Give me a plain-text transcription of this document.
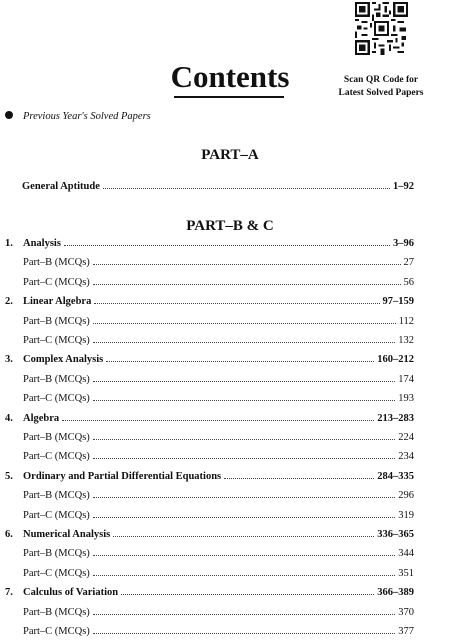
Scan QR Code for
Latest Solved Papers
Contents
Previous Year's Solved Papers
PART–A
General Aptitude	1–92
PART–B & C
1. Analysis	3–96
Part–B (MCQs)	27
Part–C (MCQs)	56
2. Linear Algebra	97–159
Part–B (MCQs)	112
Part–C (MCQs)	132
3. Complex Analysis	160–212
Part–B (MCQs)	174
Part–C (MCQs)	193
4. Algebra	213–283
Part–B (MCQs)	224
Part–C (MCQs)	234
5. Ordinary and Partial Differential Equations	284–335
Part–B (MCQs)	296
Part–C (MCQs)	319
6. Numerical Analysis	336–365
Part–B (MCQs)	344
Part–C (MCQs)	351
7. Calculus of Variation	366–389
Part–B (MCQs)	370
Part–C (MCQs)	377
